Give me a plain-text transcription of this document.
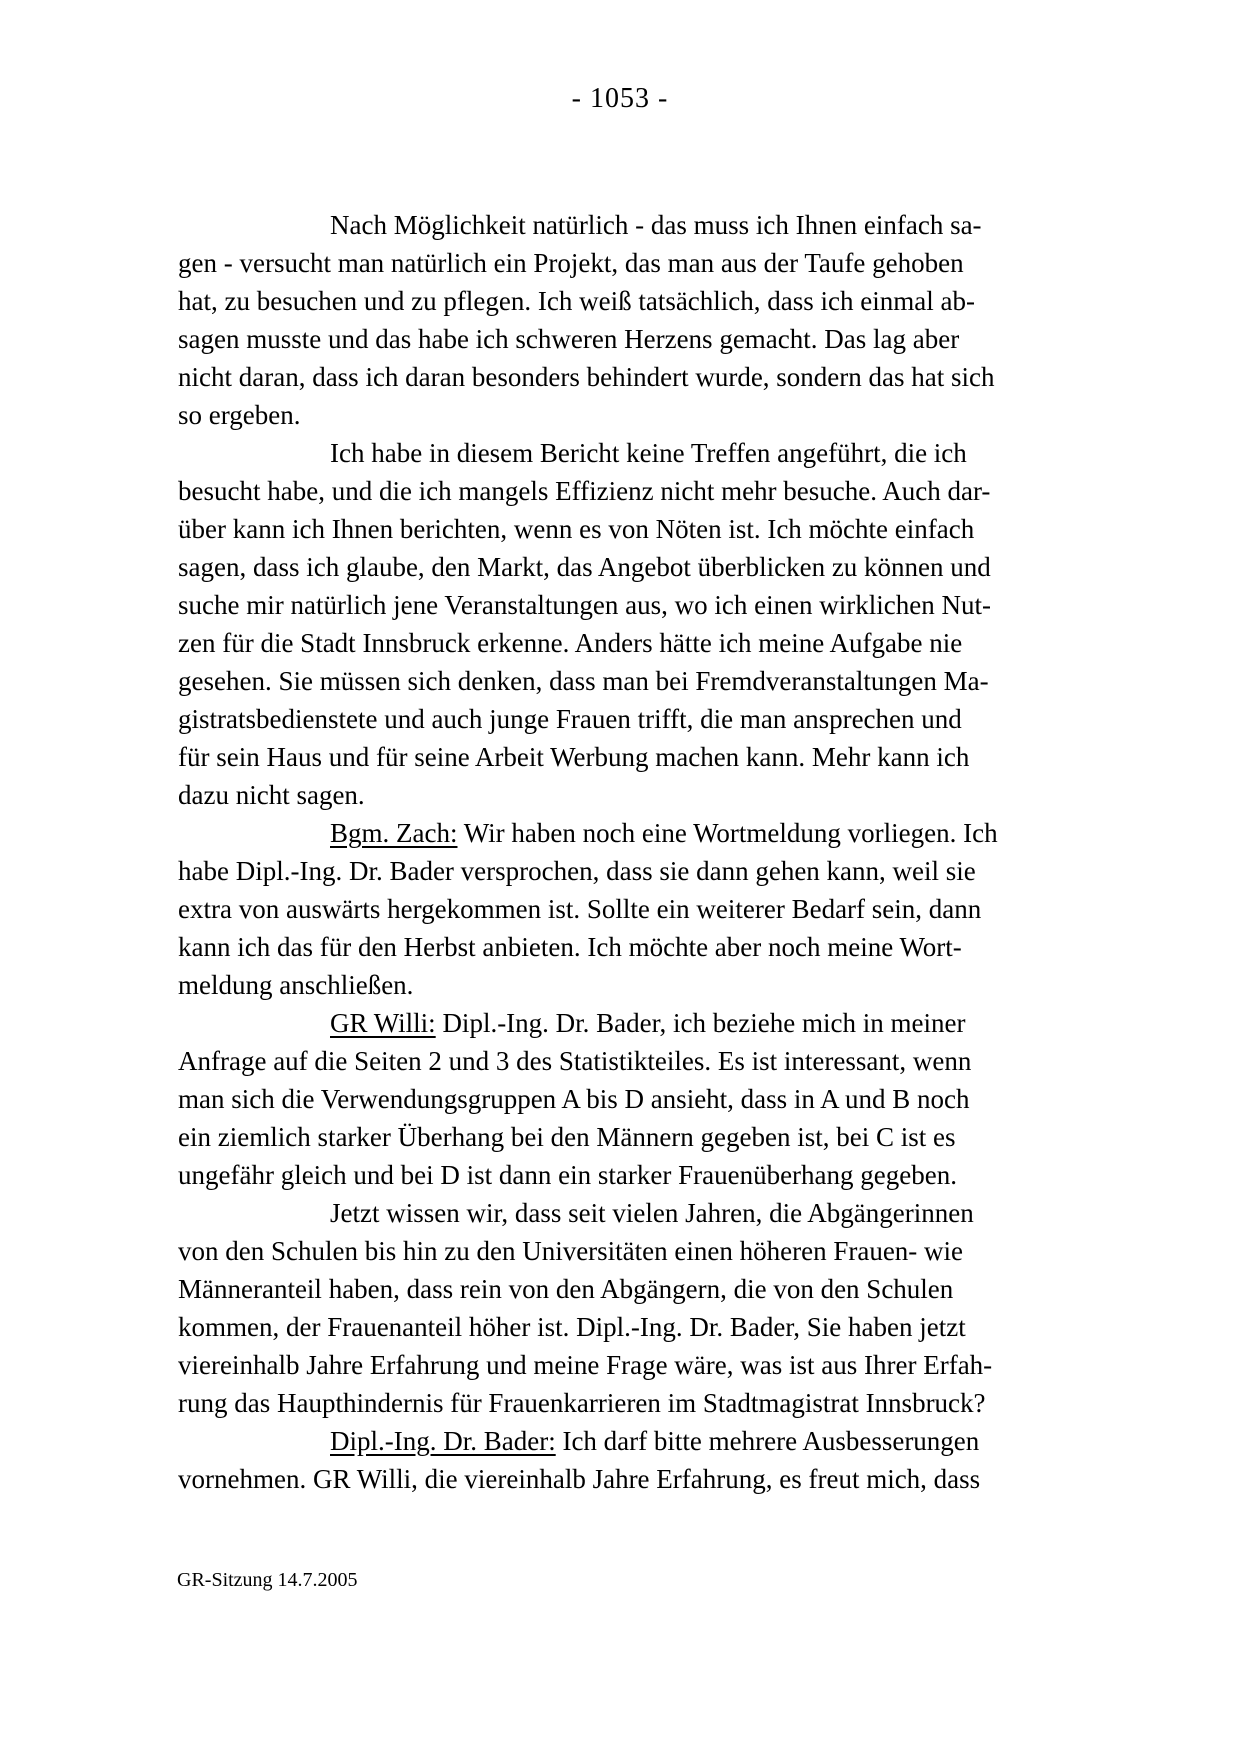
- 1053 -
Nach Möglichkeit natürlich - das muss ich Ihnen einfach sa-
gen - versucht man natürlich ein Projekt, das man aus der Taufe gehoben
hat, zu besuchen und zu pflegen. Ich weiß tatsächlich, dass ich einmal ab-
sagen musste und das habe ich schweren Herzens gemacht. Das lag aber
nicht daran, dass ich daran besonders behindert wurde, sondern das hat sich
so ergeben.
Ich habe in diesem Bericht keine Treffen angeführt, die ich
besucht habe, und die ich mangels Effizienz nicht mehr besuche. Auch dar-
über kann ich Ihnen berichten, wenn es von Nöten ist. Ich möchte einfach
sagen, dass ich glaube, den Markt, das Angebot überblicken zu können und
suche mir natürlich jene Veranstaltungen aus, wo ich einen wirklichen Nut-
zen für die Stadt Innsbruck erkenne. Anders hätte ich meine Aufgabe nie
gesehen. Sie müssen sich denken, dass man bei Fremdveranstaltungen Ma-
gistratsbedienstete und auch junge Frauen trifft, die man ansprechen und
für sein Haus und für seine Arbeit Werbung machen kann. Mehr kann ich
dazu nicht sagen.
Bgm. Zach: Wir haben noch eine Wortmeldung vorliegen. Ich
habe Dipl.-Ing. Dr. Bader versprochen, dass sie dann gehen kann, weil sie
extra von auswärts hergekommen ist. Sollte ein weiterer Bedarf sein, dann
kann ich das für den Herbst anbieten. Ich möchte aber noch meine Wort-
meldung anschließen.
GR Willi: Dipl.-Ing. Dr. Bader, ich beziehe mich in meiner
Anfrage auf die Seiten 2 und 3 des Statistikteiles. Es ist interessant, wenn
man sich die Verwendungsgruppen A bis D ansieht, dass in A und B noch
ein ziemlich starker Überhang bei den Männern gegeben ist, bei C ist es
ungefähr gleich und bei D ist dann ein starker Frauenüberhang gegeben.
Jetzt wissen wir, dass seit vielen Jahren, die Abgängerinnen
von den Schulen bis hin zu den Universitäten einen höheren Frauen- wie
Männeranteil haben, dass rein von den Abgängern, die von den Schulen
kommen, der Frauenanteil höher ist. Dipl.-Ing. Dr. Bader, Sie haben jetzt
viereinhalb Jahre Erfahrung und meine Frage wäre, was ist aus Ihrer Erfah-
rung das Haupthindernis für Frauenkarrieren im Stadtmagistrat Innsbruck?
Dipl.-Ing. Dr. Bader: Ich darf bitte mehrere Ausbesserungen
vornehmen. GR Willi, die viereinhalb Jahre Erfahrung, es freut mich, dass
GR-Sitzung 14.7.2005
